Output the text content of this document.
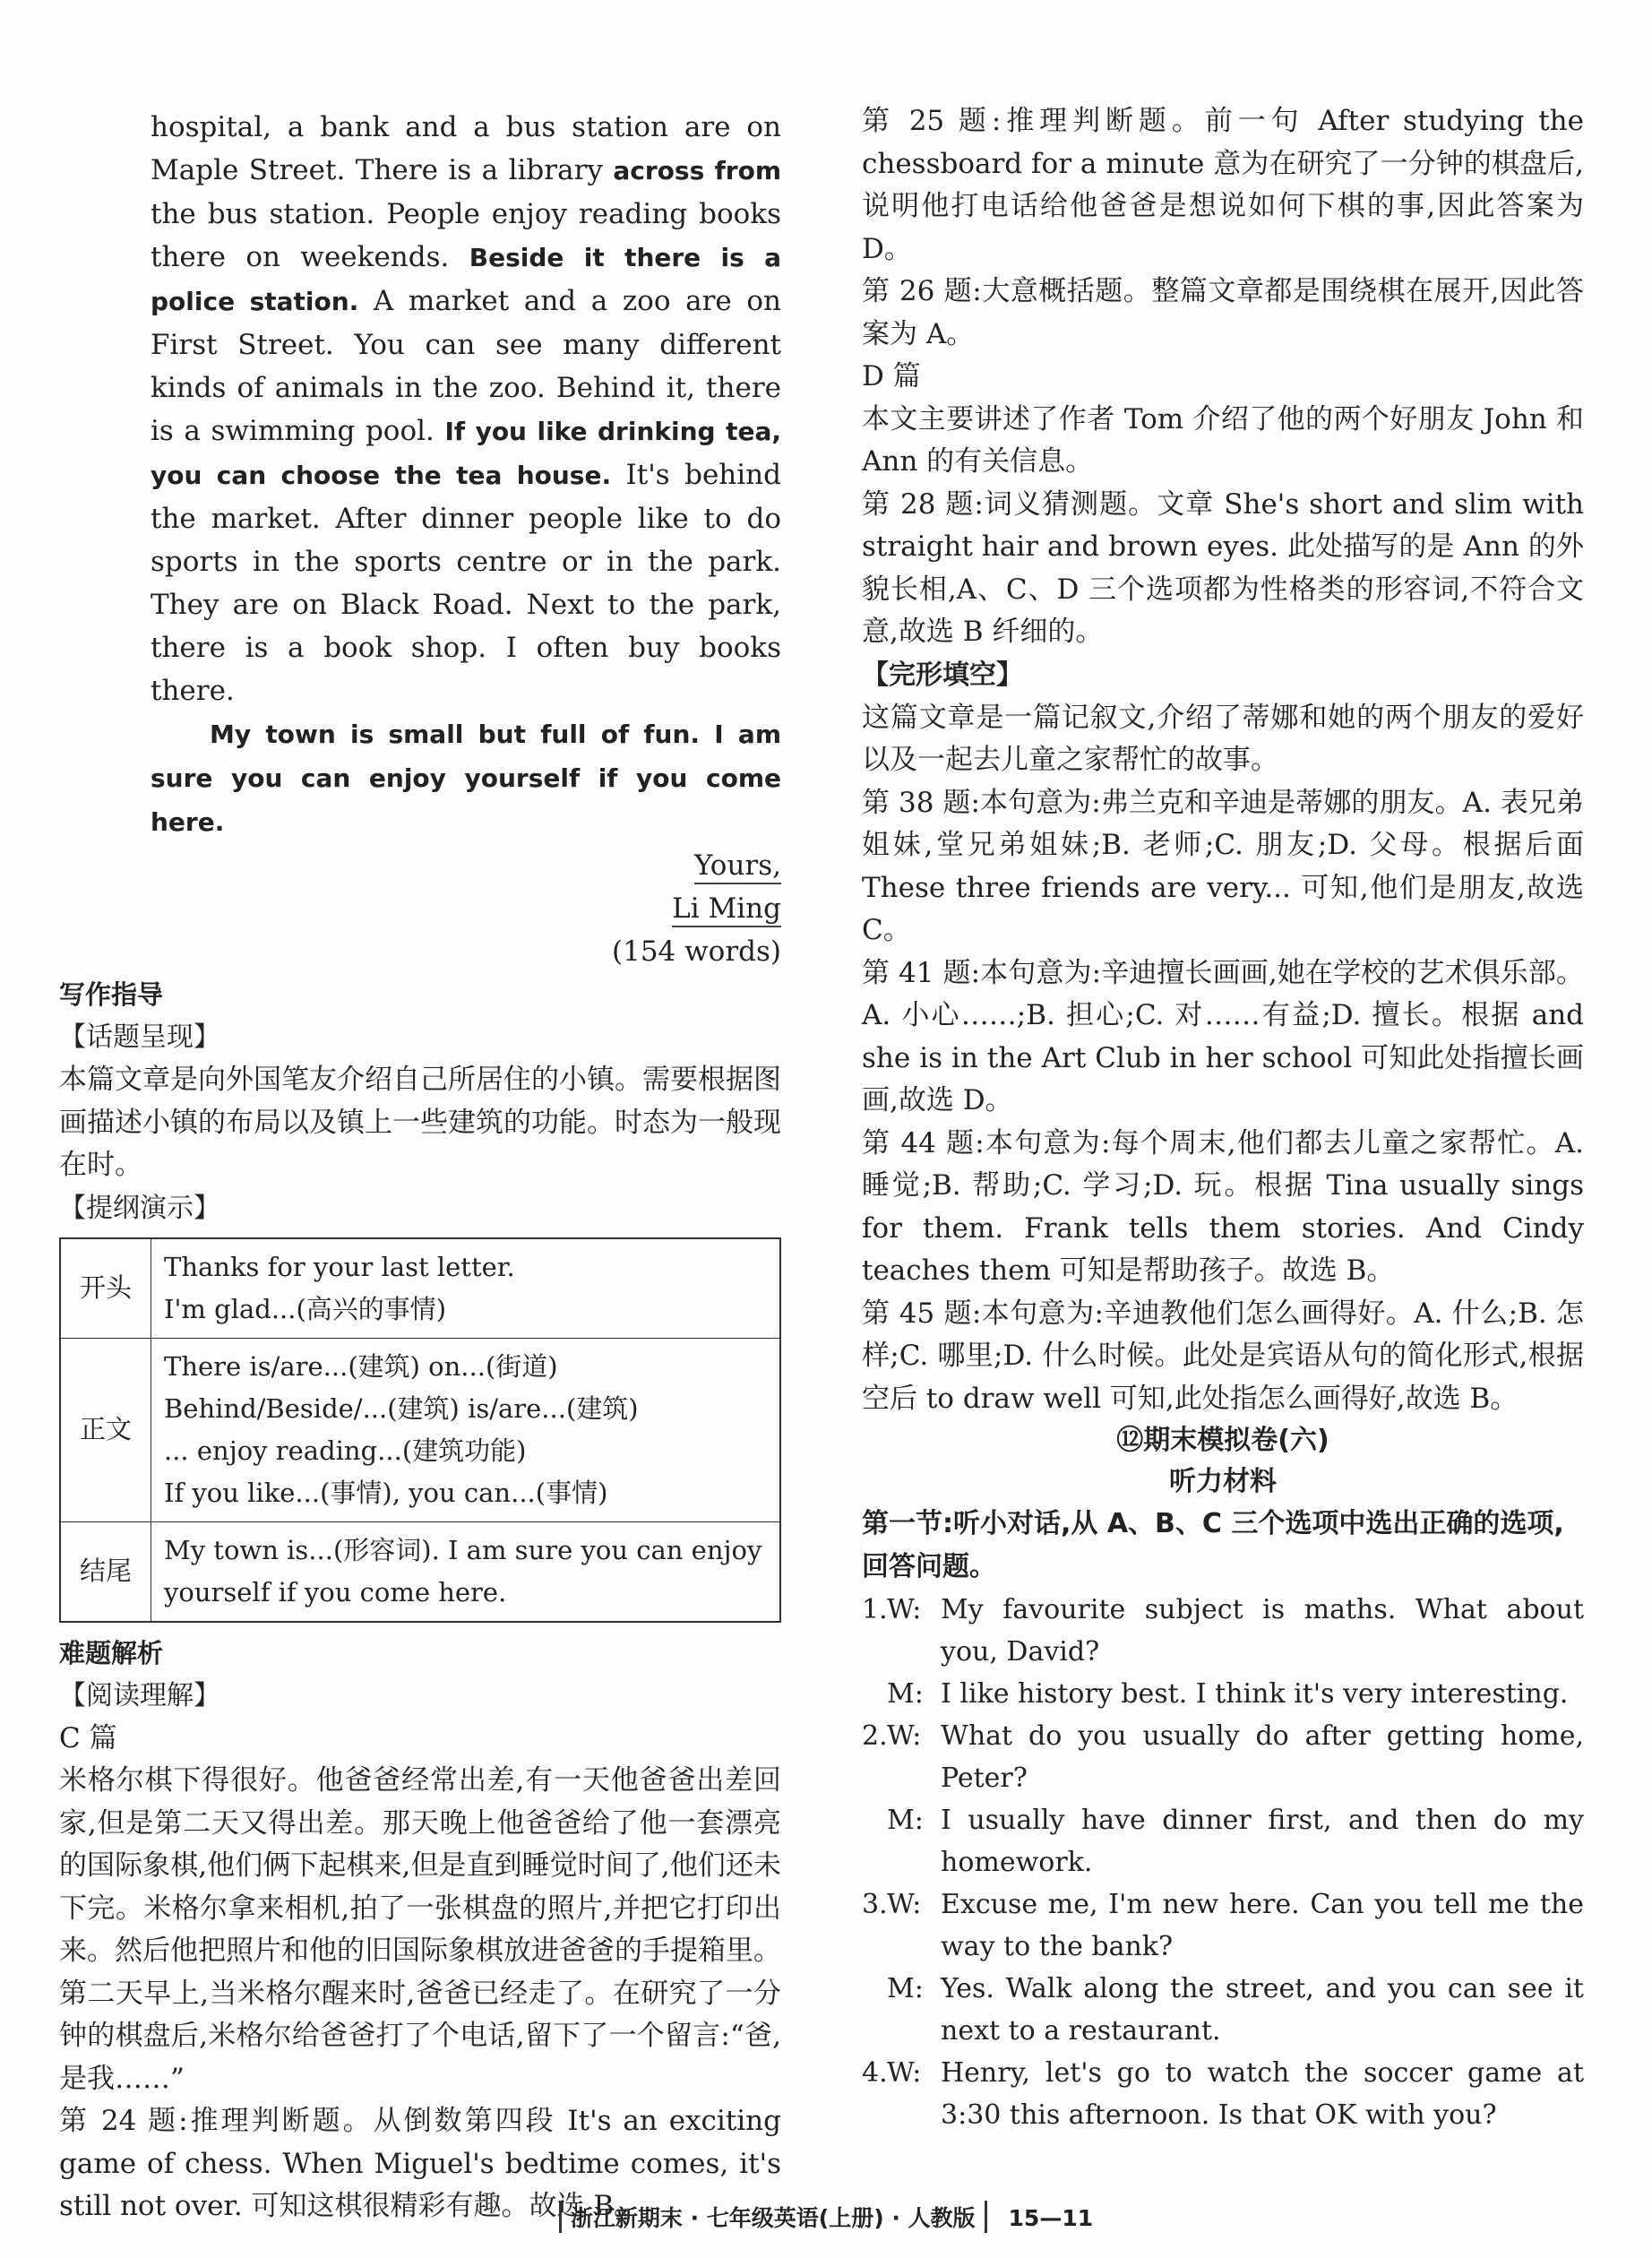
hospital, a bank and a bus station are on Maple Street. There is a library across from the bus station. People enjoy reading books there on weekends. Beside it there is a police station. A market and a zoo are on First Street. You can see many different kinds of animals in the zoo. Behind it, there is a swimming pool. If you like drinking tea, you can choose the tea house. It's behind the market. After dinner people like to do sports in the sports centre or in the park. They are on Black Road. Next to the park, there is a book shop. I often buy books there.

My town is small but full of fun. I am sure you can enjoy yourself if you come here.

Yours,
Li Ming
(154 words)
写作指导
【话题呈现】

本篇文章是向外国笔友介绍自己所居住的小镇。需要根据图画描述小镇的布局以及镇上一些建筑的功能。时态为一般现在时。

【提纲演示】
开头	Thanks for your last letter.
I'm glad...(高兴的事情)

正文	There is/are...(建筑) on...(街道)
Behind/Beside/...(建筑) is/are...(建筑)
... enjoy reading...(建筑功能)
If you like...(事情), you can...(事情)

结尾	My town is...(形容词). I am sure you can enjoy yourself if you come here.
难题解析
【阅读理解】
C 篇

米格尔棋下得很好。他爸爸经常出差,有一天他爸爸出差回家,但是第二天又得出差。那天晚上他爸爸给了他一套漂亮的国际象棋,他们俩下起棋来,但是直到睡觉时间了,他们还未下完。米格尔拿来相机,拍了一张棋盘的照片,并把它打印出来。然后他把照片和他的旧国际象棋放进爸爸的手提箱里。第二天早上,当米格尔醒来时,爸爸已经走了。在研究了一分钟的棋盘后,米格尔给爸爸打了个电话,留下了一个留言:“爸,是我……”

第 24 题:推理判断题。从倒数第四段 It's an exciting game of chess. When Miguel's bedtime comes, it's still not over. 可知这棋很精彩有趣。故选 B。

第 25 题:推理判断题。前一句 After studying the chessboard for a minute 意为在研究了一分钟的棋盘后,说明他打电话给他爸爸是想说如何下棋的事,因此答案为 D。

第 26 题:大意概括题。整篇文章都是围绕棋在展开,因此答案为 A。

D 篇

本文主要讲述了作者 Tom 介绍了他的两个好朋友 John 和 Ann 的有关信息。

第 28 题:词义猜测题。文章 She's short and slim with straight hair and brown eyes. 此处描写的是 Ann 的外貌长相,A、C、D 三个选项都为性格类的形容词,不符合文意,故选 B 纤细的。

【完形填空】

这篇文章是一篇记叙文,介绍了蒂娜和她的两个朋友的爱好以及一起去儿童之家帮忙的故事。

第 38 题:本句意为:弗兰克和辛迪是蒂娜的朋友。A. 表兄弟姐妹,堂兄弟姐妹;B. 老师;C. 朋友;D. 父母。根据后面 These three friends are very... 可知,他们是朋友,故选 C。

第 41 题:本句意为:辛迪擅长画画,她在学校的艺术俱乐部。A. 小心……;B. 担心;C. 对……有益;D. 擅长。根据 and she is in the Art Club in her school 可知此处指擅长画画,故选 D。

第 44 题:本句意为:每个周末,他们都去儿童之家帮忙。A. 睡觉;B. 帮助;C. 学习;D. 玩。根据 Tina usually sings for them. Frank tells them stories. And Cindy teaches them 可知是帮助孩子。故选 B。

第 45 题:本句意为:辛迪教他们怎么画得好。A. 什么;B. 怎样;C. 哪里;D. 什么时候。此处是宾语从句的简化形式,根据空后 to draw well 可知,此处指怎么画得好,故选 B。

⑫期末模拟卷(六)
听力材料

第一节:听小对话,从 A、B、C 三个选项中选出正确的选项,回答问题。

1. W: My favourite subject is maths. What about you, David?
M: I like history best. I think it's very interesting.
2. W: What do you usually do after getting home, Peter?
M: I usually have dinner first, and then do my homework.
3. W: Excuse me, I'm new here. Can you tell me the way to the bank?
M: Yes. Walk along the street, and you can see it next to a restaurant.
4. W: Henry, let's go to watch the soccer game at 3:30 this afternoon. Is that OK with you?
浙江新期末 · 七年级英语(上册) · 人教版 15—11
